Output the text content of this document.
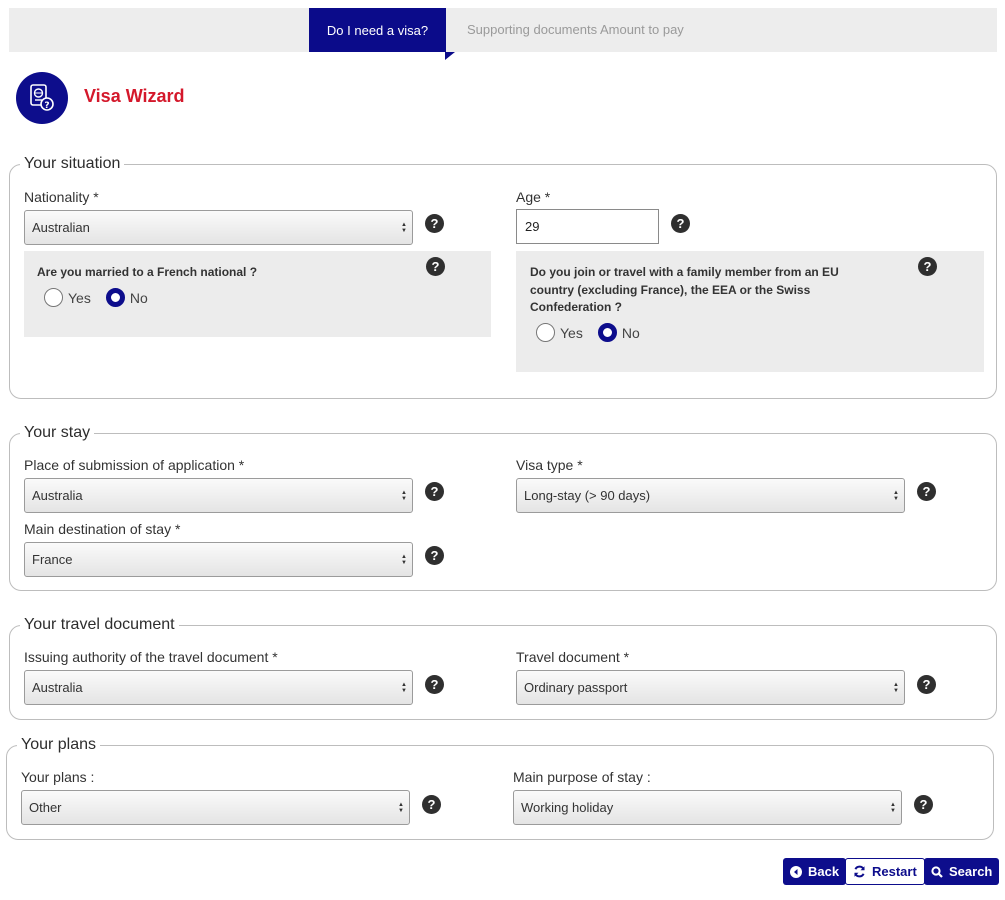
Do I need a visa?	Supporting documents Amount to pay
? Visa Wizard
Your situation
Nationality *
Australian	▲
▼	?
Age *
29	?
Are you married to a French national ?	?
Yes	No
Do you join or travel with a family member from an EU
country (excluding France), the EEA or the Swiss
Confederation ?
?
Yes	No
Your stay
Place of submission of application *
Australia	▲
▼	?
Visa type *
Long-stay (> 90 days)	▲
▼	?
Main destination of stay *
France	▲
▼	?
Your travel document
Issuing authority of the travel document *
Australia	▲
▼	?
Travel document *
Ordinary passport	▲
▼	?
Your plans
Your plans :
Other	▲
▼	?
Main purpose of stay :
Working holiday	▲
▼	?
Back	Restart Search
